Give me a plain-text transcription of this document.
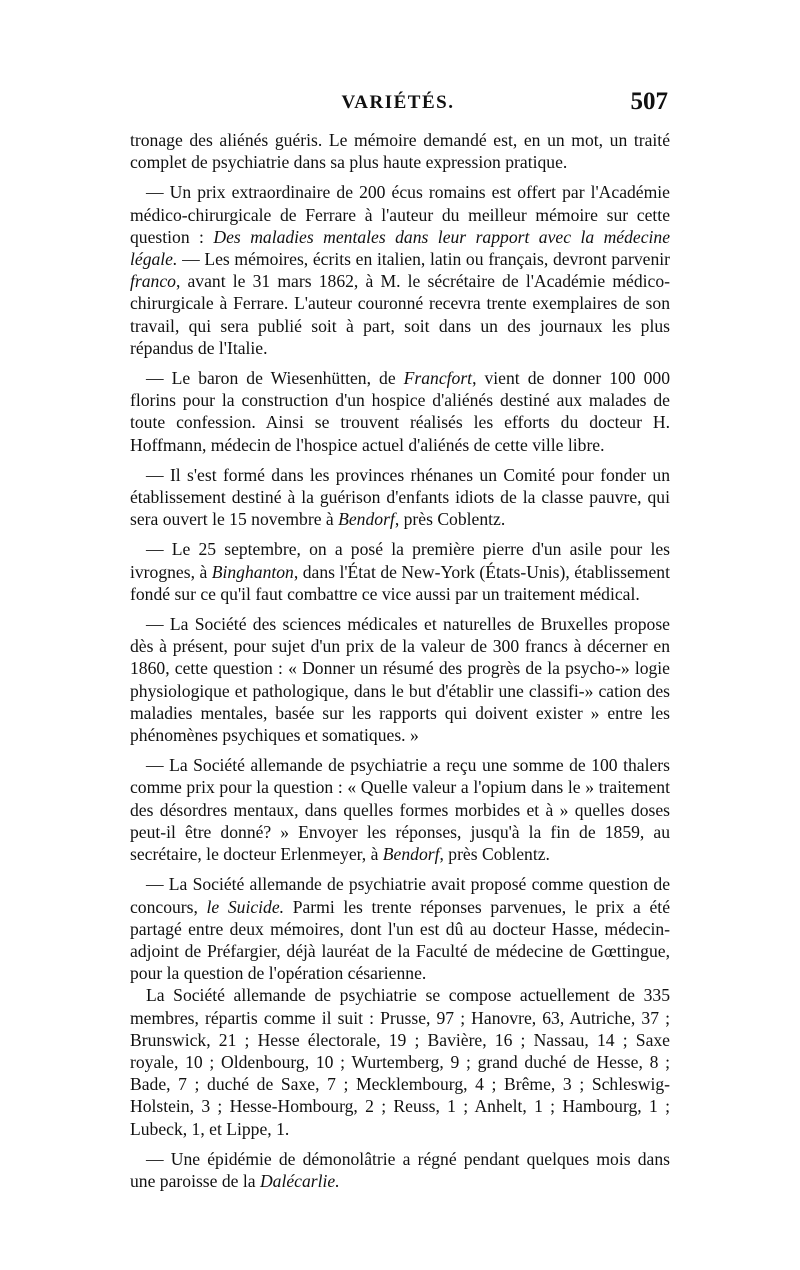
VARIÉTÉS.	507

tronage des aliénés guéris. Le mémoire demandé est, en un mot, un traité complet de psychiatrie dans sa plus haute expression pratique.

— Un prix extraordinaire de 200 écus romains est offert par l'Académie médico-chirurgicale de Ferrare à l'auteur du meilleur mémoire sur cette question : Des maladies mentales dans leur rapport avec la médecine légale. — Les mémoires, écrits en italien, latin ou français, devront parvenir franco, avant le 31 mars 1862, à M. le sécrétaire de l'Académie médico-chirurgicale à Ferrare. L'auteur couronné recevra trente exemplaires de son travail, qui sera publié soit à part, soit dans un des journaux les plus répandus de l'Italie.

— Le baron de Wiesenhütten, de Francfort, vient de donner 100 000 florins pour la construction d'un hospice d'aliénés destiné aux malades de toute confession. Ainsi se trouvent réalisés les efforts du docteur H. Hoffmann, médecin de l'hospice actuel d'aliénés de cette ville libre.

— Il s'est formé dans les provinces rhénanes un Comité pour fonder un établissement destiné à la guérison d'enfants idiots de la classe pauvre, qui sera ouvert le 15 novembre à Bendorf, près Coblentz.

— Le 25 septembre, on a posé la première pierre d'un asile pour les ivrognes, à Binghanton, dans l'État de New-York (États-Unis), établissement fondé sur ce qu'il faut combattre ce vice aussi par un traitement médical.

— La Société des sciences médicales et naturelles de Bruxelles propose dès à présent, pour sujet d'un prix de la valeur de 300 francs à décerner en 1860, cette question : « Donner un résumé des progrès de la psycho-» logie physiologique et pathologique, dans le but d'établir une classifi-» cation des maladies mentales, basée sur les rapports qui doivent exister » entre les phénomènes psychiques et somatiques. »

— La Société allemande de psychiatrie a reçu une somme de 100 thalers comme prix pour la question : « Quelle valeur a l'opium dans le » traitement des désordres mentaux, dans quelles formes morbides et à » quelles doses peut-il être donné? » Envoyer les réponses, jusqu'à la fin de 1859, au secrétaire, le docteur Erlenmeyer, à Bendorf, près Coblentz.

— La Société allemande de psychiatrie avait proposé comme question de concours, le Suicide. Parmi les trente réponses parvenues, le prix a été partagé entre deux mémoires, dont l'un est dû au docteur Hasse, médecin-adjoint de Préfargier, déjà lauréat de la Faculté de médecine de Gœttingue, pour la question de l'opération césarienne.

La Société allemande de psychiatrie se compose actuellement de 335 membres, répartis comme il suit : Prusse, 97 ; Hanovre, 63, Autriche, 37 ; Brunswick, 21 ; Hesse électorale, 19 ; Bavière, 16 ; Nassau, 14 ; Saxe royale, 10 ; Oldenbourg, 10 ; Wurtemberg, 9 ; grand duché de Hesse, 8 ; Bade, 7 ; duché de Saxe, 7 ; Mecklembourg, 4 ; Brême, 3 ; Schleswig-Holstein, 3 ; Hesse-Hombourg, 2 ; Reuss, 1 ; Anhelt, 1 ; Hambourg, 1 ; Lubeck, 1, et Lippe, 1.

— Une épidémie de démonolâtrie a régné pendant quelques mois dans une paroisse de la Dalécarlie.
